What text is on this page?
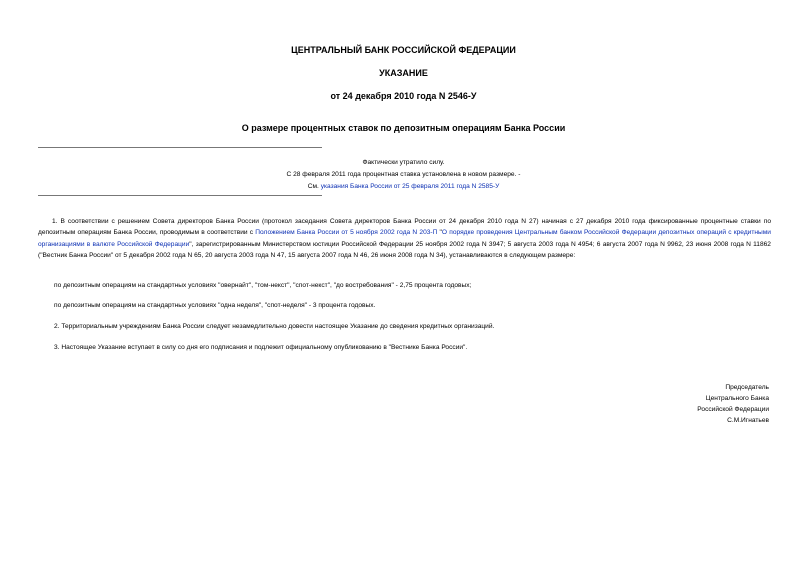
ЦЕНТРАЛЬНЫЙ БАНК РОССИЙСКОЙ ФЕДЕРАЦИИ
УКАЗАНИЕ
от 24 декабря 2010 года N 2546-У
О размере процентных ставок по депозитным операциям Банка России
Фактически утратило силу.
С 28 февраля 2011 года процентная ставка установлена в новом размере. -
См. указания Банка России от 25 февраля 2011 года N 2585-У
1. В соответствии с решением Совета директоров Банка России (протокол заседания Совета директоров Банка России от 24 декабря 2010 года N 27) начиная с 27 декабря 2010 года фиксированные процентные ставки по депозитным операциям Банка России, проводимым в соответствии с Положением Банка России от 5 ноября 2002 года N 203-П "О порядке проведения Центральным банком Российской Федерации депозитных операций с кредитными организациями в валюте Российской Федерации", зарегистрированным Министерством юстиции Российской Федерации 25 ноября 2002 года N 3947; 5 августа 2003 года N 4954; 6 августа 2007 года N 9962, 23 июня 2008 года N 11862 ("Вестник Банка России" от 5 декабря 2002 года N 65, 20 августа 2003 года N 47, 15 августа 2007 года N 46, 26 июня 2008 года N 34), устанавливаются в следующем размере:
по депозитным операциям на стандартных условиях "овернайт", "том-некст", "спот-некст", "до востребования" - 2,75 процента годовых;
по депозитным операциям на стандартных условиях "одна неделя", "спот-неделя" - 3 процента годовых.
2. Территориальным учреждениям Банка России следует незамедлительно довести настоящее Указание до сведения кредитных организаций.
3. Настоящее Указание вступает в силу со дня его подписания и подлежит официальному опубликованию в "Вестнике Банка России".
Председатель
Центрального Банка
Российской Федерации
С.М.Игнатьев
